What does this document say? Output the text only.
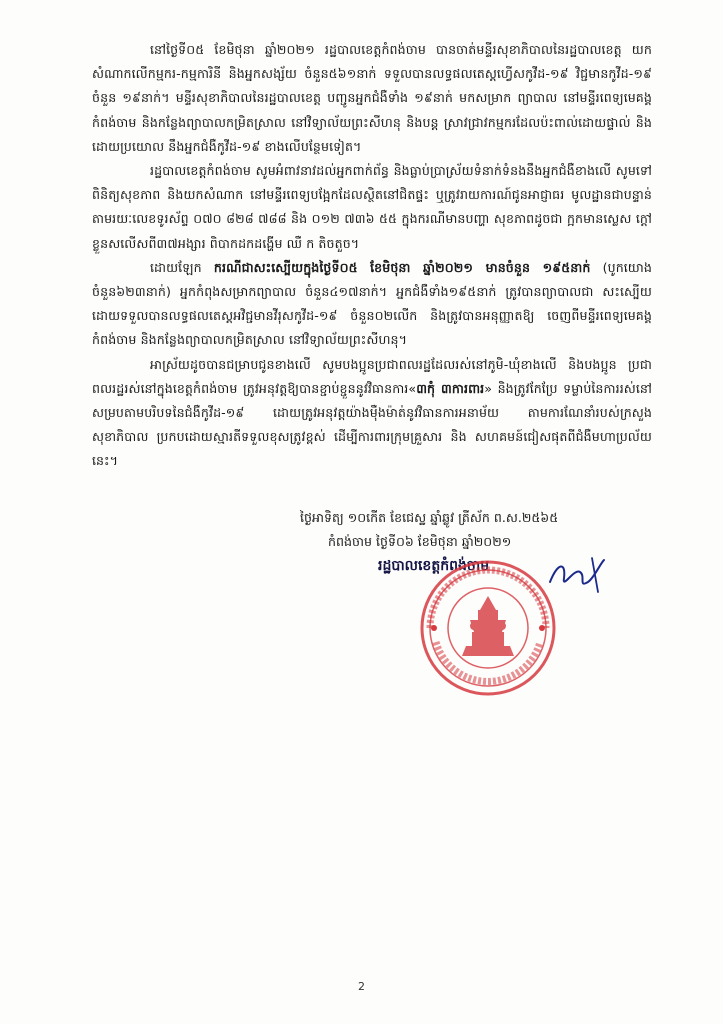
នៅថ្ងៃទី០៥ ខែមិថុនា ឆ្នាំ២០២១ រដ្ឋបាលខេត្តកំពង់ចាម បានចាត់មន្ទីរសុខាភិបាលនៃរដ្ឋបាលខេត្ត យកសំណាកលើកម្មករ-កម្មការិនី និងអ្នកសង្ស័យ ចំនួន៥៦១នាក់ ទទួលបានលទ្ធផលតេស្តហ្វើសកូវីដ-១៩ វិជ្ជមានកូវីដ-១៩ ចំនួន ១៩នាក់។ មន្ទីរសុខាភិបាលនៃរដ្ឋបាលខេត្ត បញ្ជូនអ្នកជំងឺទាំង ១៩នាក់ មកសម្រាក ព្យាបាល នៅមន្ទីរពេទ្យមេគង្គកំពង់ចាម និងកន្លែងព្យាបាលកម្រិតស្រាល នៅវិទ្យាល័យព្រះសីហនុ និងបន្ត ស្រាវជ្រាវកម្មករដែលប៉ះពាល់ដោយផ្ទាល់ និងដោយប្រយោល នឹងអ្នកជំងឺកូវីដ-១៩ ខាងលើបន្ថែមទៀត។

រដ្ឋបាលខេត្តកំពង់ចាម សូមអំពាវនាវដល់អ្នកពាក់ព័ន្ធ និងធ្លាប់ប្រាស្រ័យទំនាក់ទំនងនឹងអ្នកជំងឺខាងលើ សូមទៅពិនិត្យសុខភាព និងយកសំណាក នៅមន្ទីរពេទ្យបង្អែកដែលស្ថិតនៅជិតផ្ទះ ឬត្រូវរាយការណ៍ជូនអាជ្ញាធរ មូលដ្ឋានជាបន្ទាន់ តាមរយៈលេខទូរស័ព្ទ ០៧០ ៨២៨ ៧៨៨ និង ០១២ ៧៣៦ ៥៥ ក្នុងករណីមានបញ្ហា សុខភាពដូចជា ក្អកមានស្លេស ក្តៅខ្លួនសលើសពី៣៧អង្សារ ពិបាកដកដង្ហើម ឈឺ ក តិចតួច។

ដោយឡែក ករណីជាសះស្បើយក្នុងថ្ងៃទី០៥ ខែមិថុនា ឆ្នាំ២០២១ មានចំនួន ១៩៥នាក់ (បូកយោង ចំនួន៦២៣នាក់) អ្នកកំពុងសម្រាកព្យាបាល ចំនួន៤១៧នាក់។ អ្នកជំងឺទាំង១៩៥នាក់ ត្រូវបានព្យាបាលជា សះស្បើយ ដោយទទួលបានលទ្ធផលតេស្តអវិជ្ជមានវីរុសកូវីដ-១៩ ចំនួន០២លើក និងត្រូវបានអនុញ្ញាតឱ្យ ចេញពីមន្ទីរពេទ្យមេគង្គកំពង់ចាម និងកន្លែងព្យាបាលកម្រិតស្រាល នៅវិទ្យាល័យព្រះសីហនុ។

អាស្រ័យដូចបានជម្រាបជូនខាងលើ សូមបងប្អូនប្រជាពលរដ្ឋដែលរស់នៅភូមិ-ឃុំខាងលើ និងបងប្អូន ប្រជាពលរដ្ឋរស់នៅក្នុងខេត្តកំពង់ចាម ត្រូវអនុវត្តឱ្យបានខ្ជាប់ខ្ជួននូវវិធានការ«៣កុំ ៣ការពារ» និងត្រូវកែប្រែ ទម្លាប់នៃការរស់នៅ សម្របតាមបរិបទនៃជំងឺកូវីដ-១៩ ដោយត្រូវអនុវត្តយ៉ាងម៉ឺងម៉ាត់នូវវិធានការអនាម័យ តាមការណែនាំរបស់ក្រសួងសុខាភិបាល ប្រកបដោយស្មារតីទទួលខុសត្រូវខ្ពស់ ដើម្បីការពារក្រុមគ្រួសារ និង សហគមន៍ជៀសផុតពីជំងឺមហាប្រល័យនេះ។

ថ្ងៃអាទិត្យ ១០កើត ខែជេស្ឋ ឆ្នាំឆ្លូវ ត្រីស័ក ព.ស.២៥៦៥
កំពង់ចាម ថ្ងៃទី០៦ ខែមិថុនា ឆ្នាំ២០២១
រដ្ឋបាលខេត្តកំពង់ចាម
2
